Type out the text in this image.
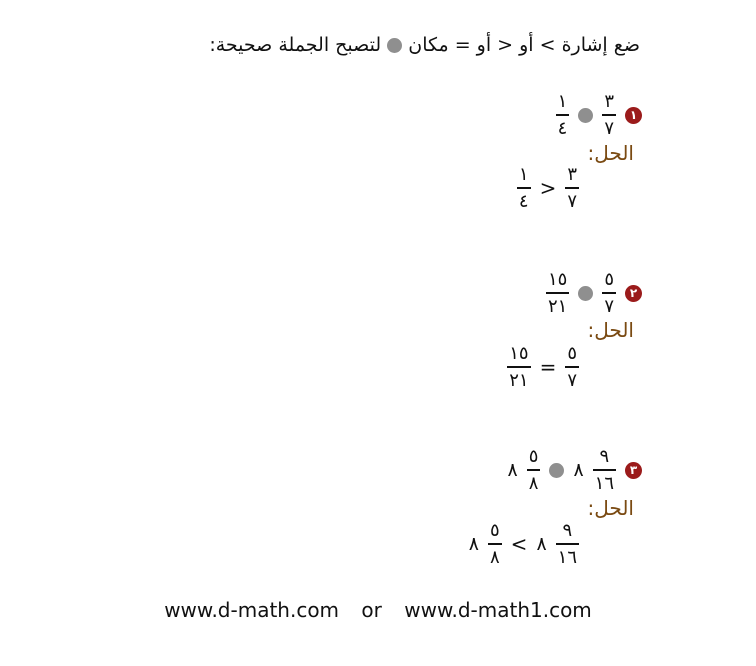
ضع إشارة > أو < أو = مكان  لتصبح الجملة صحيحة:
١
$\frac{٣}{٧}$
$\frac{١}{٤}$
الحل:
$\frac{٣}{٧}$
>
$\frac{١}{٤}$
٢
$\frac{٥}{٧}$
$\frac{١٥}{٢١}$
الحل:
$\frac{٥}{٧}$
=
$\frac{١٥}{٢١}$
٣
$\frac{٩}{١٦}$
٨
$\frac{٥}{٨}$
٨
الحل:
$\frac{٩}{١٦}$
٨
<
$\frac{٥}{٨}$
٨
www.d-math.com or www.d-math1.com
